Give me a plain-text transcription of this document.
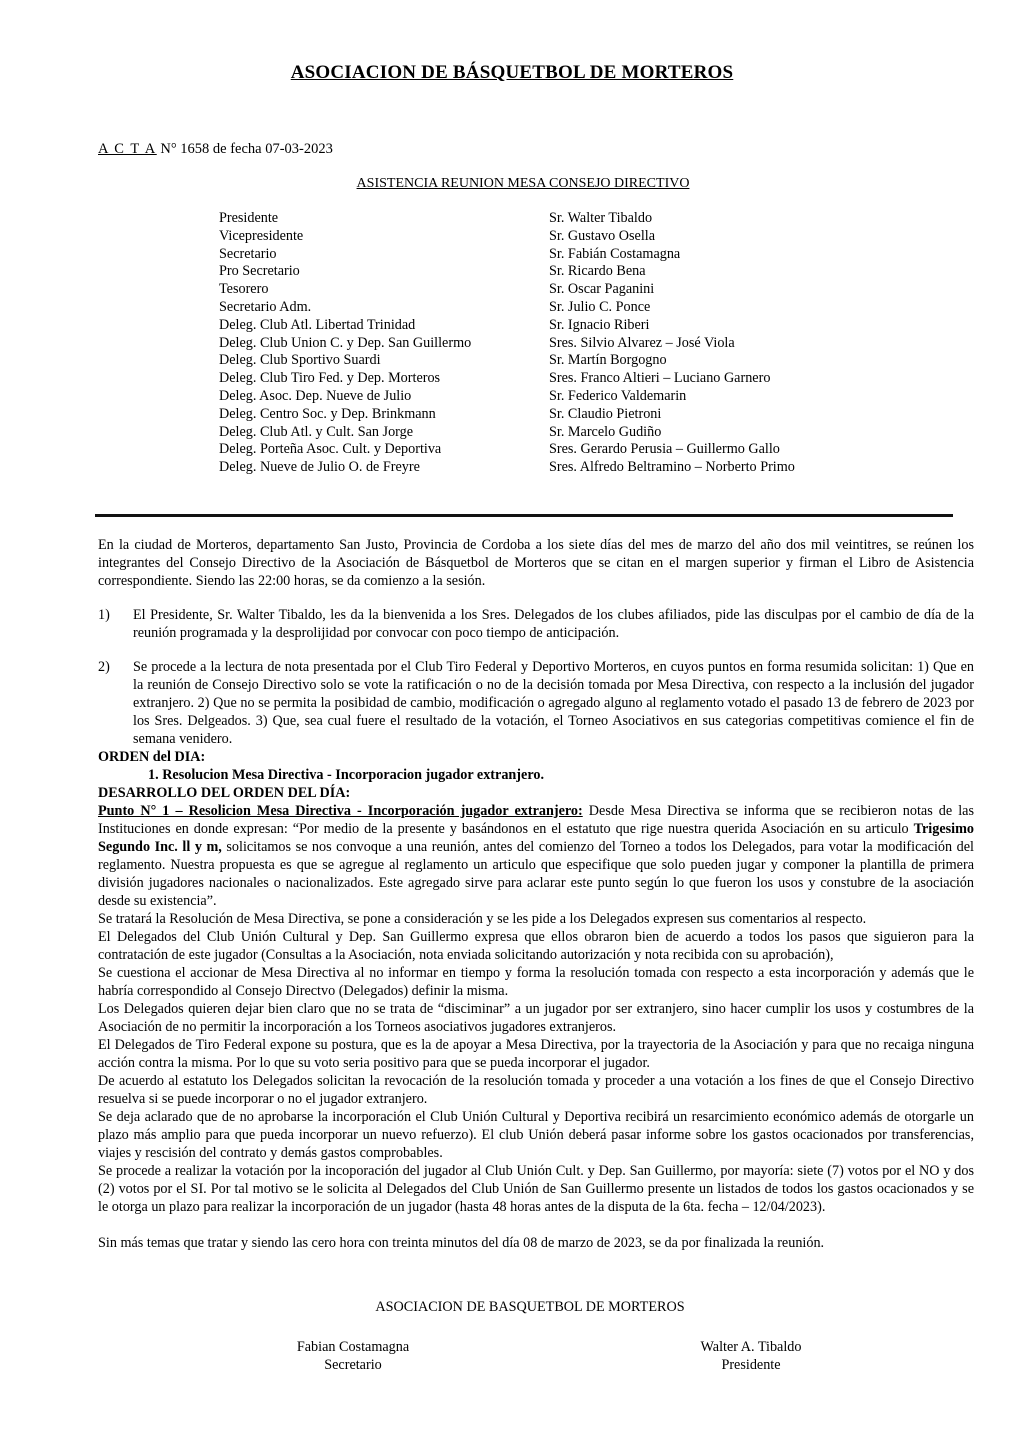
ASOCIACION DE BÁSQUETBOL DE MORTEROS
A C T A N° 1658 de fecha 07-03-2023
ASISTENCIA REUNION MESA CONSEJO DIRECTIVO
Presidente	Sr. Walter Tibaldo
Vicepresidente	Sr. Gustavo Osella
Secretario	Sr. Fabián Costamagna
Pro Secretario	Sr. Ricardo Bena
Tesorero	Sr. Oscar Paganini
Secretario Adm.	Sr. Julio C. Ponce
Deleg. Club Atl. Libertad Trinidad	Sr. Ignacio Riberi
Deleg. Club Union C. y Dep. San Guillermo	Sres. Silvio Alvarez – José Viola
Deleg. Club Sportivo Suardi	Sr. Martín Borgogno
Deleg. Club Tiro Fed. y Dep. Morteros	Sres. Franco Altieri – Luciano Garnero
Deleg. Asoc. Dep. Nueve de Julio	Sr. Federico Valdemarin
Deleg. Centro Soc. y Dep. Brinkmann	Sr. Claudio Pietroni
Deleg. Club Atl. y Cult. San Jorge	Sr. Marcelo Gudiño
Deleg. Porteña Asoc. Cult. y Deportiva	Sres. Gerardo Perusia – Guillermo Gallo
Deleg. Nueve de Julio O. de Freyre	Sres. Alfredo Beltramino – Norberto Primo

En la ciudad de Morteros, departamento San Justo, Provincia de Cordoba a los siete días del mes de marzo del año dos mil veintitres, se reúnen los integrantes del Consejo Directivo de la Asociación de Básquetbol de Morteros que se citan en el margen superior y firman el Libro de Asistencia correspondiente. Siendo las 22:00 horas, se da comienzo a la sesión.

1)	El Presidente, Sr. Walter Tibaldo, les da la bienvenida a los Sres. Delegados de los clubes afiliados, pide las disculpas por el cambio de día de la reunión programada y la desprolijidad por convocar con poco tiempo de anticipación.
2)	Se procede a la lectura de nota presentada por el Club Tiro Federal y Deportivo Morteros, en cuyos puntos en forma resumida solicitan: 1) Que en la reunión de Consejo Directivo solo se vote la ratificación o no de la decisión tomada por Mesa Directiva, con respecto a la inclusión del jugador extranjero. 2) Que no se permita la posibidad de cambio, modificación o agregado alguno al reglamento votado el pasado 13 de febrero de 2023 por los Sres. Delgeados. 3) Que, sea cual fuere el resultado de la votación, el Torneo Asociativos en sus categorias competitivas comience el fin de semana venidero.

ORDEN del DIA:

1. Resolucion Mesa Directiva - Incorporacion jugador extranjero.

DESARROLLO DEL ORDEN DEL DÍA:

Punto N° 1 – Resolicion Mesa Directiva - Incorporación jugador extranjero: Desde Mesa Directiva se informa que se recibieron notas de las Instituciones en donde expresan: “Por medio de la presente y basándonos en el estatuto que rige nuestra querida Asociación en su articulo Trigesimo Segundo Inc. ll y m, solicitamos se nos convoque a una reunión, antes del comienzo del Torneo a todos los Delegados, para votar la modificación del reglamento. Nuestra propuesta es que se agregue al reglamento un articulo que especifique que solo pueden jugar y componer la plantilla de primera división jugadores nacionales o nacionalizados. Este agregado sirve para aclarar este punto según lo que fueron los usos y constubre de la asociación desde su existencia”.

Se tratará la Resolución de Mesa Directiva, se pone a consideración y se les pide a los Delegados expresen sus comentarios al respecto.

El Delegados del Club Unión Cultural y Dep. San Guillermo expresa que ellos obraron bien de acuerdo a todos los pasos que siguieron para la contratación de este jugador (Consultas a la Asociación, nota enviada solicitando autorización y nota recibida con su aprobación),

Se cuestiona el accionar de Mesa Directiva al no informar en tiempo y forma la resolución tomada con respecto a esta incorporación y además que le habría correspondido al Consejo Directvo (Delegados) definir la misma.

Los Delegados quieren dejar bien claro que no se trata de “disciminar” a un jugador por ser extranjero, sino hacer cumplir los usos y costumbres de la Asociación de no permitir la incorporación a los Torneos asociativos jugadores extranjeros.

El Delegados de Tiro Federal expone su postura, que es la de apoyar a Mesa Directiva, por la trayectoria de la Asociación y para que no recaiga ninguna acción contra la misma. Por lo que su voto seria positivo para que se pueda incorporar el jugador.

De acuerdo al estatuto los Delegados solicitan la revocación de la resolución tomada y proceder a una votación a los fines de que el Consejo Directivo resuelva si se puede incorporar o no el jugador extranjero.

Se deja aclarado que de no aprobarse la incorporación el Club Unión Cultural y Deportiva recibirá un resarcimiento económico además de otorgarle un plazo más amplio para que pueda incorporar un nuevo refuerzo). El club Unión deberá pasar informe sobre los gastos ocacionados por transferencias, viajes y rescisión del contrato y demás gastos comprobables.

Se procede a realizar la votación por la incoporación del jugador al Club Unión Cult. y Dep. San Guillermo, por mayoría: siete (7) votos por el NO y dos (2) votos por el SI. Por tal motivo se le solicita al Delegados del Club Unión de San Guillermo presente un listados de todos los gastos ocacionados y se le otorga un plazo para realizar la incorporación de un jugador (hasta 48 horas antes de la disputa de la 6ta. fecha – 12/04/2023).

Sin más temas que tratar y siendo las cero hora con treinta minutos del día 08 de marzo de 2023, se da por finalizada la reunión.

ASOCIACION DE BASQUETBOL DE MORTEROS
Fabian Costamagna
Secretario
Walter A. Tibaldo
Presidente
